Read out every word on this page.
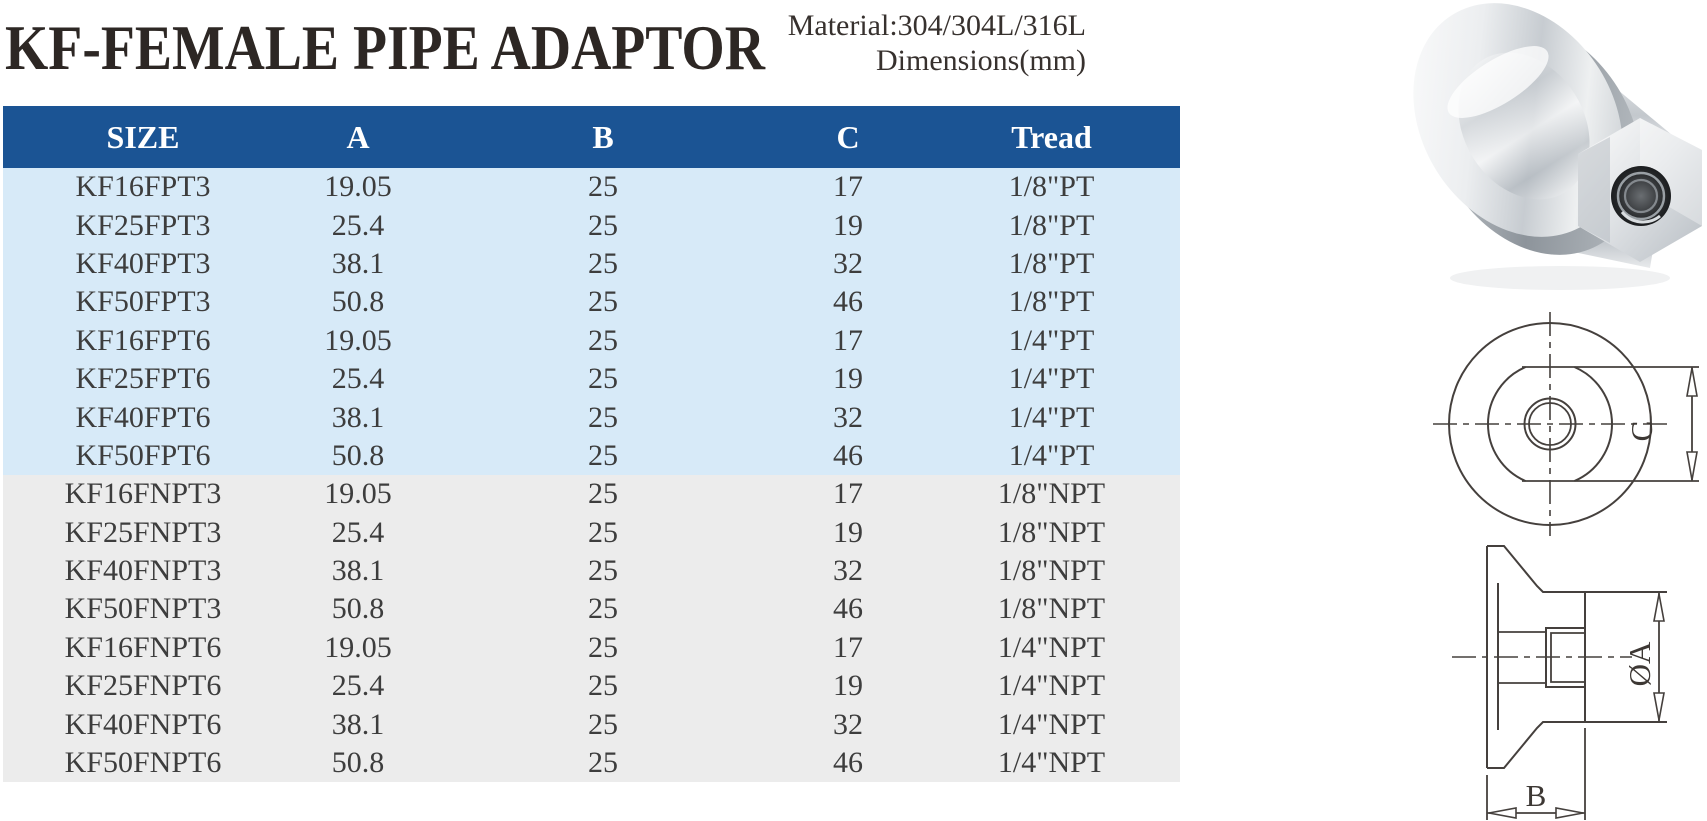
KF-FEMALE PIPE ADAPTOR Material:304/304L/316L
Dimensions(mm)
SIZE	A	B	C	Tread
KF16FPT3	19.05	25	17	1/8"PT
KF25FPT3	25.4	25	19	1/8"PT
KF40FPT3	38.1	25	32	1/8"PT
KF50FPT3	50.8	25	46	1/8"PT
KF16FPT6	19.05	25	17	1/4"PT
KF25FPT6	25.4	25	19	1/4"PT
KF40FPT6	38.1	25	32	1/4"PT
KF50FPT6	50.8	25	46	1/4"PT
KF16FNPT3	19.05	25	17	1/8"NPT
KF25FNPT3	25.4	25	19	1/8"NPT
KF40FNPT3	38.1	25	32	1/8"NPT
KF50FNPT3	50.8	25	46	1/8"NPT
KF16FNPT6	19.05	25	17	1/4"NPT
KF25FNPT6	25.4	25	19	1/4"NPT
KF40FNPT6	38.1	25	32	1/4"NPT
KF50FNPT6	50.8	25	46	1/4"NPT
C
ØA
B
